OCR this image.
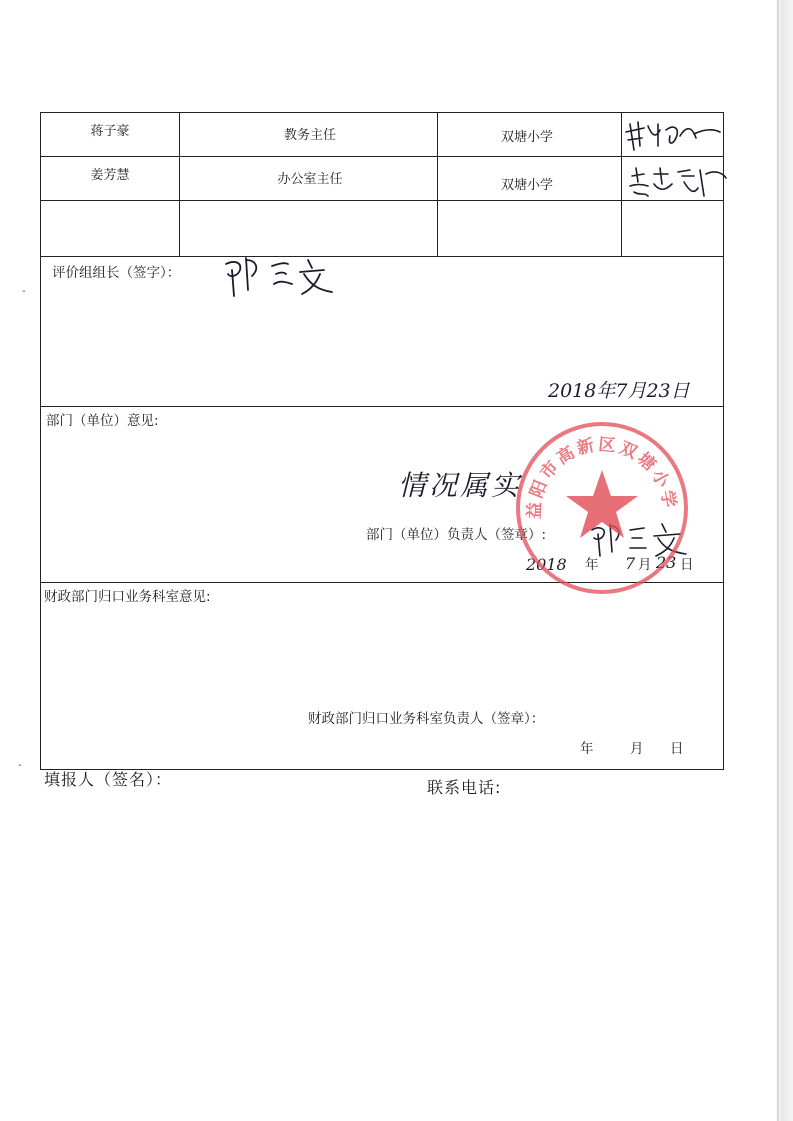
-
-
蒋子豪	教务主任	双塘小学
姜芳慧	办公室主任	双塘小学
评价组组长（签字）：
2018年7月23日
部门（单位）意见:
情况属实
部门（单位）负责人（签章）:
2018 年 7 月 23 日
财政部门归口业务科室意见:
财政部门归口业务科室负责人（签章）：
年	月 日
益阳市高新区双塘小学
填报人（签名）：	联系电话:
